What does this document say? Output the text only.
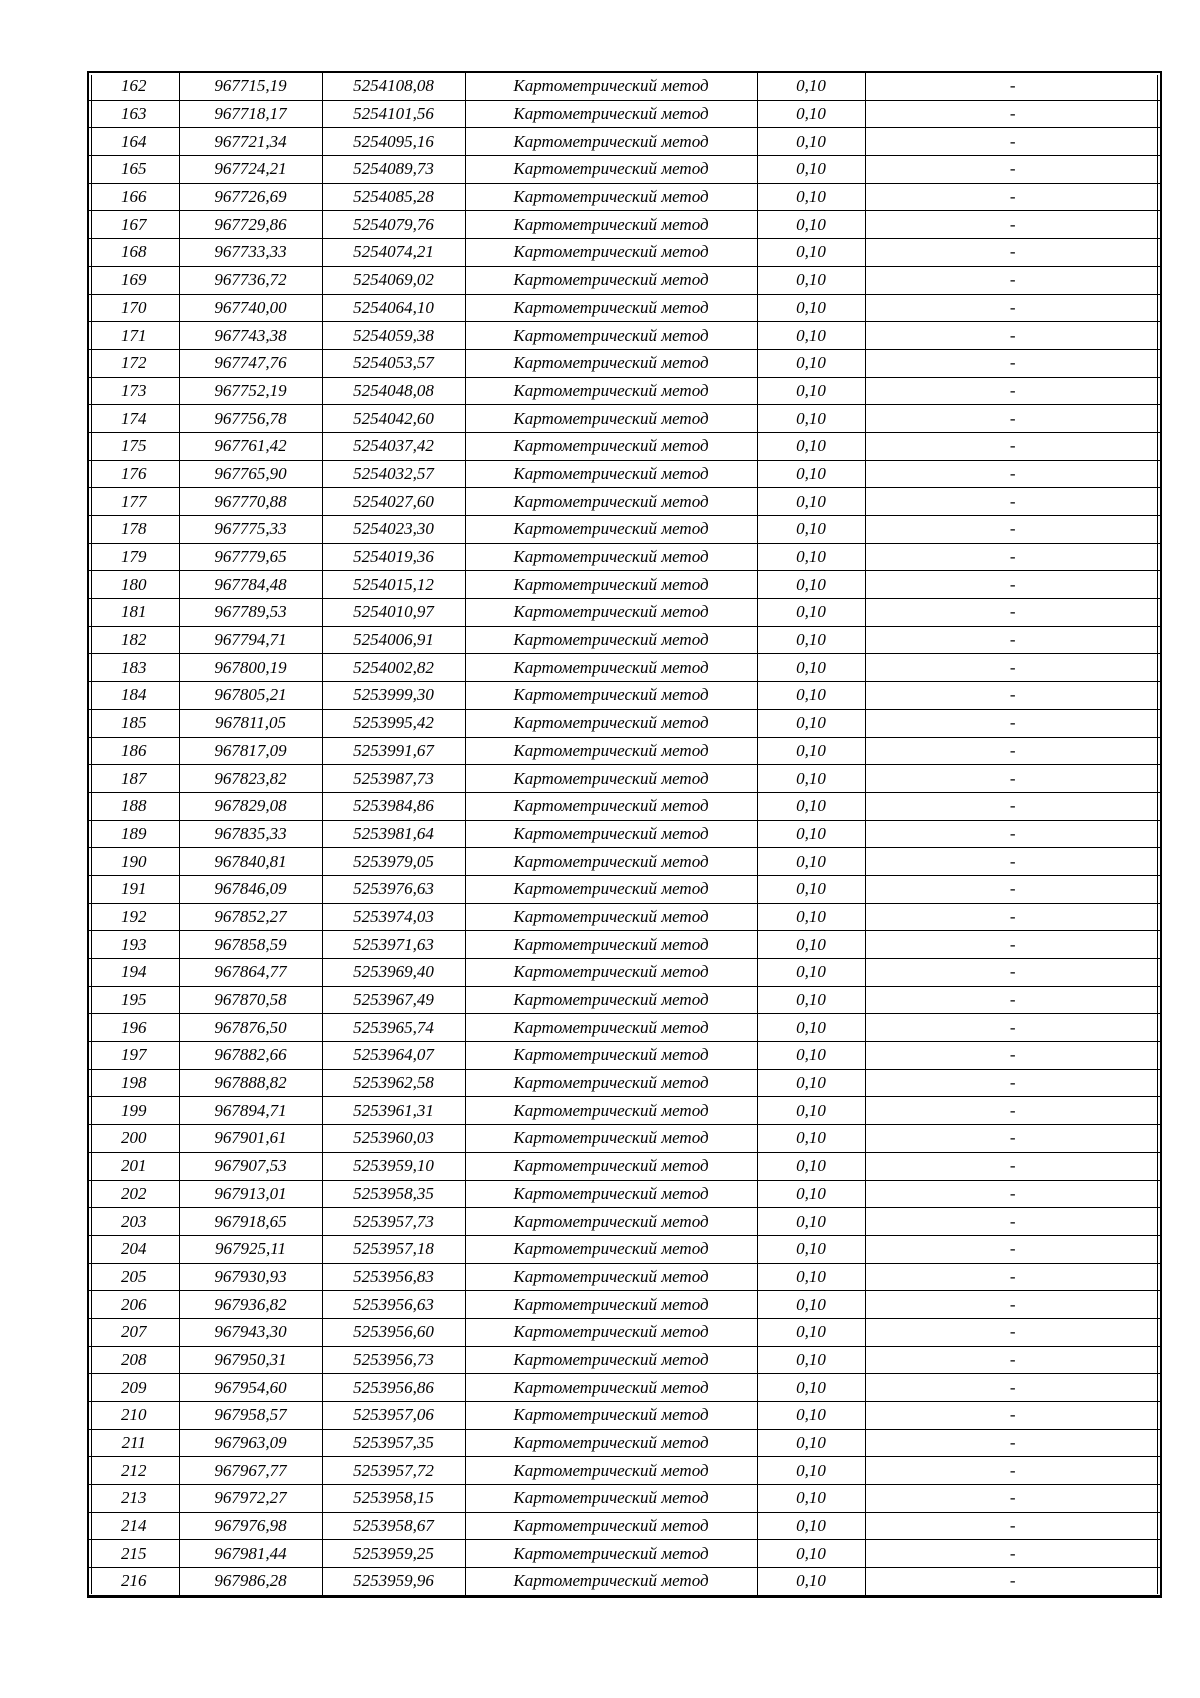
162	967715,19	5254108,08	Картометрический метод	0,10	-
163	967718,17	5254101,56	Картометрический метод	0,10	-
164	967721,34	5254095,16	Картометрический метод	0,10	-
165	967724,21	5254089,73	Картометрический метод	0,10	-
166	967726,69	5254085,28	Картометрический метод	0,10	-
167	967729,86	5254079,76	Картометрический метод	0,10	-
168	967733,33	5254074,21	Картометрический метод	0,10	-
169	967736,72	5254069,02	Картометрический метод	0,10	-
170	967740,00	5254064,10	Картометрический метод	0,10	-
171	967743,38	5254059,38	Картометрический метод	0,10	-
172	967747,76	5254053,57	Картометрический метод	0,10	-
173	967752,19	5254048,08	Картометрический метод	0,10	-
174	967756,78	5254042,60	Картометрический метод	0,10	-
175	967761,42	5254037,42	Картометрический метод	0,10	-
176	967765,90	5254032,57	Картометрический метод	0,10	-
177	967770,88	5254027,60	Картометрический метод	0,10	-
178	967775,33	5254023,30	Картометрический метод	0,10	-
179	967779,65	5254019,36	Картометрический метод	0,10	-
180	967784,48	5254015,12	Картометрический метод	0,10	-
181	967789,53	5254010,97	Картометрический метод	0,10	-
182	967794,71	5254006,91	Картометрический метод	0,10	-
183	967800,19	5254002,82	Картометрический метод	0,10	-
184	967805,21	5253999,30	Картометрический метод	0,10	-
185	967811,05	5253995,42	Картометрический метод	0,10	-
186	967817,09	5253991,67	Картометрический метод	0,10	-
187	967823,82	5253987,73	Картометрический метод	0,10	-
188	967829,08	5253984,86	Картометрический метод	0,10	-
189	967835,33	5253981,64	Картометрический метод	0,10	-
190	967840,81	5253979,05	Картометрический метод	0,10	-
191	967846,09	5253976,63	Картометрический метод	0,10	-
192	967852,27	5253974,03	Картометрический метод	0,10	-
193	967858,59	5253971,63	Картометрический метод	0,10	-
194	967864,77	5253969,40	Картометрический метод	0,10	-
195	967870,58	5253967,49	Картометрический метод	0,10	-
196	967876,50	5253965,74	Картометрический метод	0,10	-
197	967882,66	5253964,07	Картометрический метод	0,10	-
198	967888,82	5253962,58	Картометрический метод	0,10	-
199	967894,71	5253961,31	Картометрический метод	0,10	-
200	967901,61	5253960,03	Картометрический метод	0,10	-
201	967907,53	5253959,10	Картометрический метод	0,10	-
202	967913,01	5253958,35	Картометрический метод	0,10	-
203	967918,65	5253957,73	Картометрический метод	0,10	-
204	967925,11	5253957,18	Картометрический метод	0,10	-
205	967930,93	5253956,83	Картометрический метод	0,10	-
206	967936,82	5253956,63	Картометрический метод	0,10	-
207	967943,30	5253956,60	Картометрический метод	0,10	-
208	967950,31	5253956,73	Картометрический метод	0,10	-
209	967954,60	5253956,86	Картометрический метод	0,10	-
210	967958,57	5253957,06	Картометрический метод	0,10	-
211	967963,09	5253957,35	Картометрический метод	0,10	-
212	967967,77	5253957,72	Картометрический метод	0,10	-
213	967972,27	5253958,15	Картометрический метод	0,10	-
214	967976,98	5253958,67	Картометрический метод	0,10	-
215	967981,44	5253959,25	Картометрический метод	0,10	-
216	967986,28	5253959,96	Картометрический метод	0,10	-
